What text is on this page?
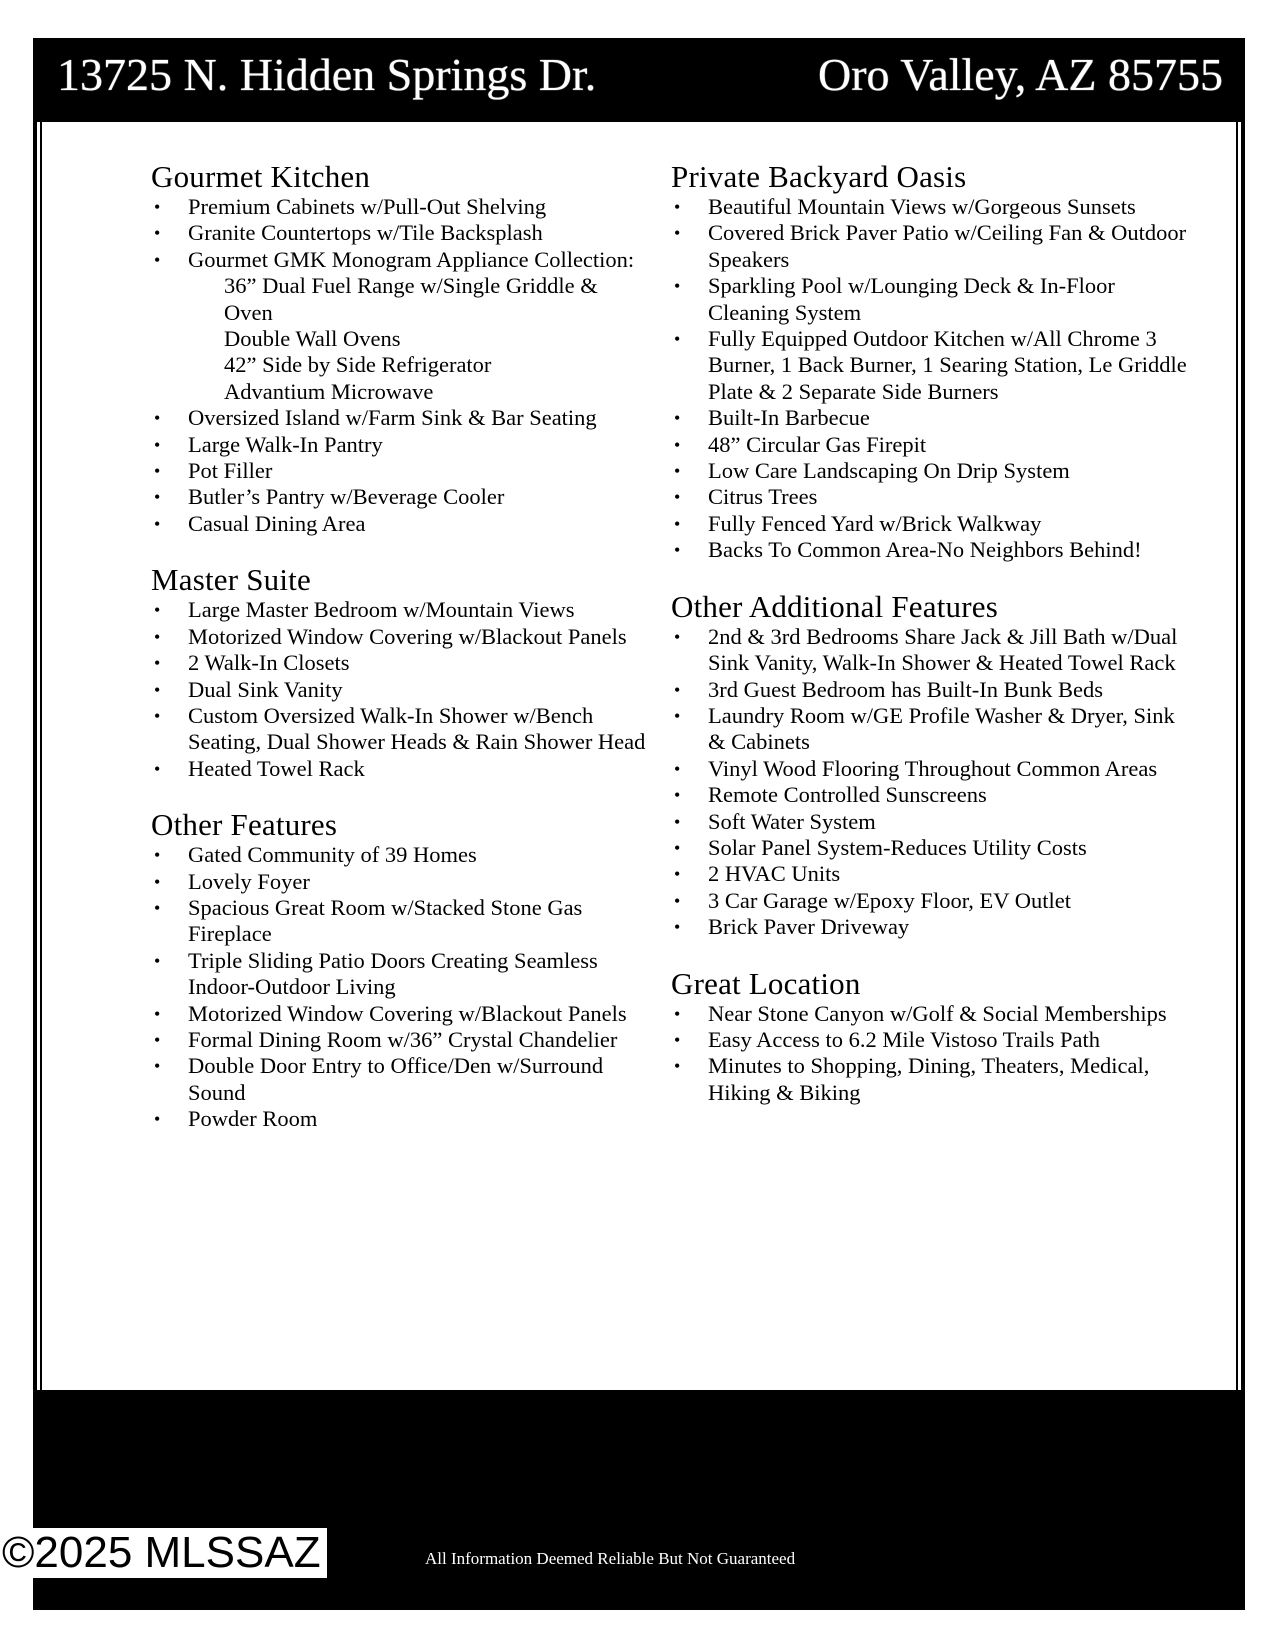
13725 N. Hidden Springs Dr.	Oro Valley, AZ 85755
Gourmet Kitchen
• Premium Cabinets w/Pull-Out Shelving
• Granite Countertops w/Tile Backsplash
• Gourmet GMK Monogram Appliance Collection:
36” Dual Fuel Range w/Single Griddle & Oven
Double Wall Ovens
42” Side by Side Refrigerator
Advantium Microwave
• Oversized Island w/Farm Sink & Bar Seating
• Large Walk-In Pantry
• Pot Filler
• Butler’s Pantry w/Beverage Cooler
• Casual Dining Area
Master Suite
• Large Master Bedroom w/Mountain Views
• Motorized Window Covering w/Blackout Panels
• 2 Walk-In Closets
• Dual Sink Vanity
• Custom Oversized Walk-In Shower w/Bench Seating, Dual Shower Heads & Rain Shower Head
• Heated Towel Rack
Other Features
• Gated Community of 39 Homes
• Lovely Foyer
• Spacious Great Room w/Stacked Stone Gas Fireplace
• Triple Sliding Patio Doors Creating Seamless Indoor-Outdoor Living
• Motorized Window Covering w/Blackout Panels
• Formal Dining Room w/36” Crystal Chandelier
• Double Door Entry to Office/Den w/Surround Sound
• Powder Room
Private Backyard Oasis
• Beautiful Mountain Views w/Gorgeous Sunsets
• Covered Brick Paver Patio w/Ceiling Fan & Outdoor Speakers
• Sparkling Pool w/Lounging Deck & In-Floor Cleaning System
• Fully Equipped Outdoor Kitchen w/All Chrome 3 Burner, 1 Back Burner, 1 Searing Station, Le Griddle Plate & 2 Separate Side Burners
• Built-In Barbecue
• 48” Circular Gas Firepit
• Low Care Landscaping On Drip System
• Citrus Trees
• Fully Fenced Yard w/Brick Walkway
• Backs To Common Area-No Neighbors Behind!
Other Additional Features
• 2nd & 3rd Bedrooms Share Jack & Jill Bath w/Dual Sink Vanity, Walk-In Shower & Heated Towel Rack
• 3rd Guest Bedroom has Built-In Bunk Beds
• Laundry Room w/GE Profile Washer & Dryer, Sink & Cabinets
• Vinyl Wood Flooring Throughout Common Areas
• Remote Controlled Sunscreens
• Soft Water System
• Solar Panel System-Reduces Utility Costs
• 2 HVAC Units
• 3 Car Garage w/Epoxy Floor, EV Outlet
• Brick Paver Driveway
Great Location
• Near Stone Canyon w/Golf & Social Memberships
• Easy Access to 6.2 Mile Vistoso Trails Path
• Minutes to Shopping, Dining, Theaters, Medical, Hiking & Biking
All Information Deemed Reliable But Not Guaranteed
©2025 MLSSAZ
